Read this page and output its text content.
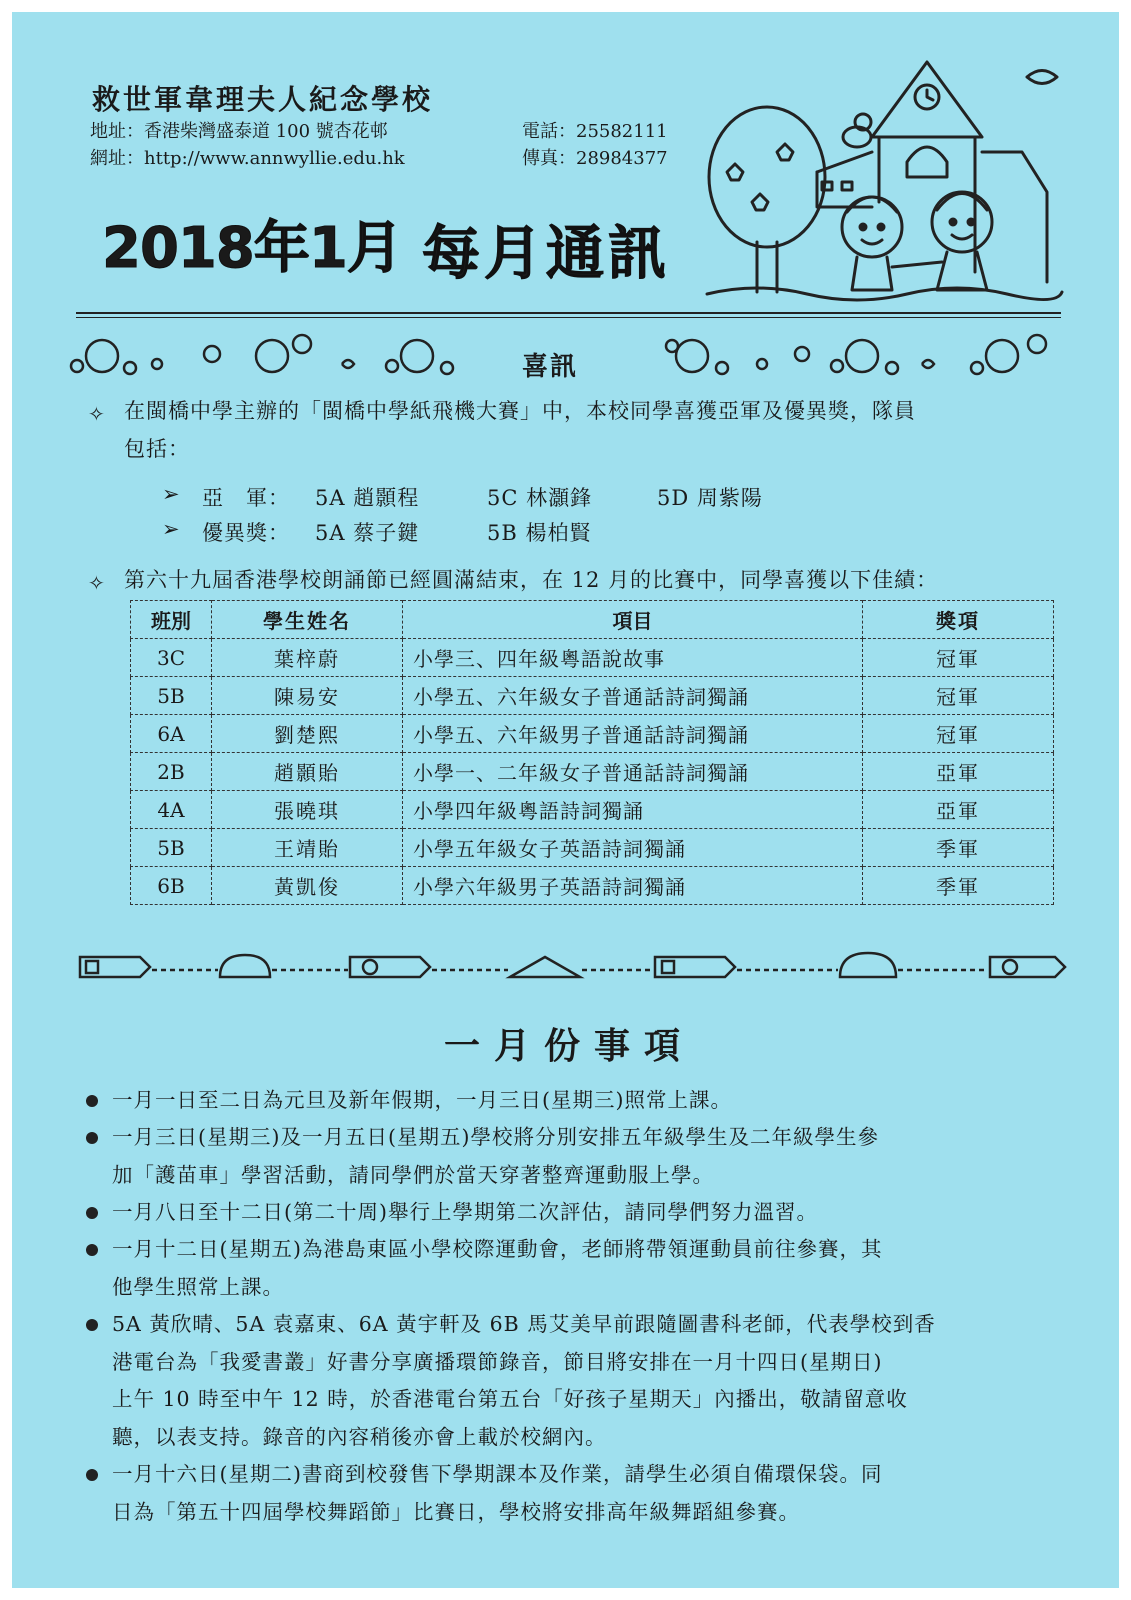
救世軍韋理夫人紀念學校
地址：香港柴灣盛泰道 100 號杏花邨
網址：http://www.annwyllie.edu.hk
電話：25582111
傳真：28984377
2018年1月 每月通訊
喜訊
✧ 在閩橋中學主辦的「閩橋中學紙飛機大賽」中，本校同學喜獲亞軍及優異獎，隊員
包括：
➢ 亞　軍： 5A 趙顥程	5C 林灝鋒	5D 周紫陽
➢ 優異獎： 5A 蔡子鍵	5B 楊柏賢
✧ 第六十九屆香港學校朗誦節已經圓滿結束，在 12 月的比賽中，同學喜獲以下佳績：
班別	學生姓名	項目	獎項
3C	葉梓蔚	小學三、四年級粵語說故事	冠軍
5B	陳易安	小學五、六年級女子普通話詩詞獨誦	冠軍
6A	劉楚熙	小學五、六年級男子普通話詩詞獨誦	冠軍
2B	趙顥貽	小學一、二年級女子普通話詩詞獨誦	亞軍
4A	張曉琪	小學四年級粵語詩詞獨誦	亞軍
5B	王靖貽	小學五年級女子英語詩詞獨誦	季軍
6B	黃凱俊	小學六年級男子英語詩詞獨誦	季軍
一月份事項
一月一日至二日為元旦及新年假期，一月三日(星期三)照常上課。
一月三日(星期三)及一月五日(星期五)學校將分別安排五年級學生及二年級學生參
加「護苗車」學習活動，請同學們於當天穿著整齊運動服上學。
一月八日至十二日(第二十周)舉行上學期第二次評估，請同學們努力溫習。
一月十二日(星期五)為港島東區小學校際運動會，老師將帶領運動員前往參賽，其
他學生照常上課。
5A 黃欣晴、5A 袁嘉東、6A 黃宇軒及 6B 馬艾美早前跟隨圖書科老師，代表學校到香
港電台為「我愛書叢」好書分享廣播環節錄音，節目將安排在一月十四日(星期日)
上午 10 時至中午 12 時，於香港電台第五台「好孩子星期天」內播出，敬請留意收
聽，以表支持。錄音的內容稍後亦會上載於校網內。
一月十六日(星期二)書商到校發售下學期課本及作業，請學生必須自備環保袋。同
日為「第五十四屆學校舞蹈節」比賽日，學校將安排高年級舞蹈組參賽。
